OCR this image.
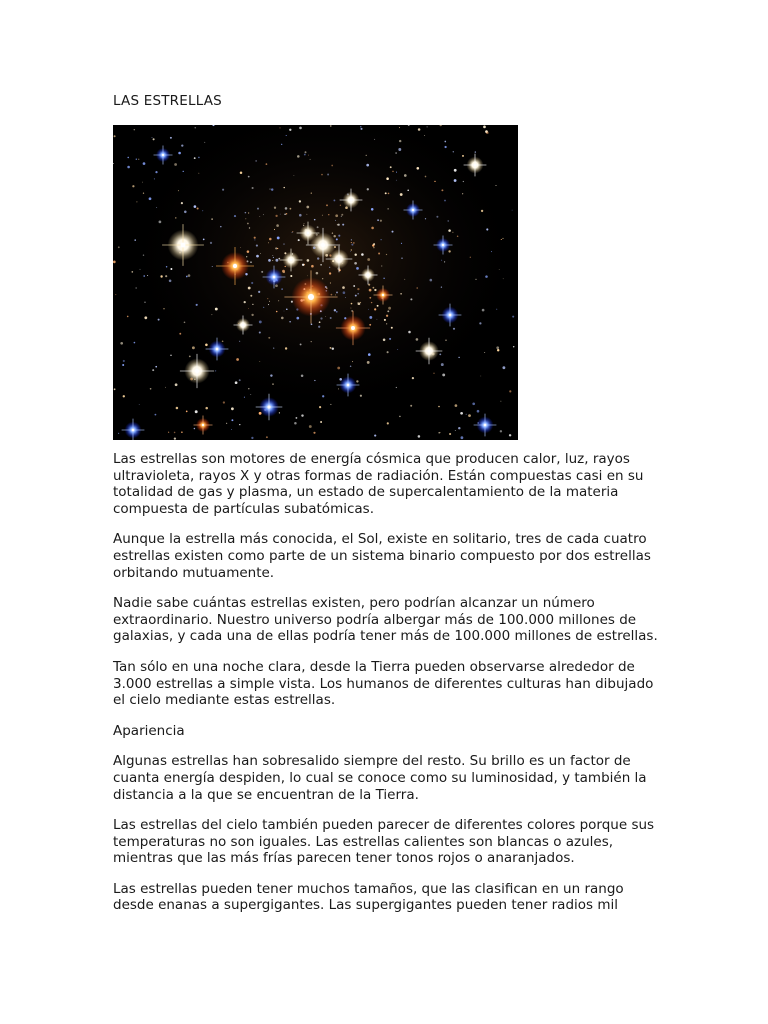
LAS ESTRELLAS

Las estrellas son motores de energía cósmica que producen calor, luz, rayos ultravioleta, rayos X y otras formas de radiación. Están compuestas casi en su totalidad de gas y plasma, un estado de supercalentamiento de la materia compuesta de partículas subatómicas.

Aunque la estrella más conocida, el Sol, existe en solitario, tres de cada cuatro estrellas existen como parte de un sistema binario compuesto por dos estrellas orbitando mutuamente.

Nadie sabe cuántas estrellas existen, pero podrían alcanzar un número extraordinario. Nuestro universo podría albergar más de 100.000 millones de galaxias, y cada una de ellas podría tener más de 100.000 millones de estrellas.

Tan sólo en una noche clara, desde la Tierra pueden observarse alrededor de 3.000 estrellas a simple vista. Los humanos de diferentes culturas han dibujado el cielo mediante estas estrellas.

Apariencia

Algunas estrellas han sobresalido siempre del resto. Su brillo es un factor de cuanta energía despiden, lo cual se conoce como su luminosidad, y también la distancia a la que se encuentran de la Tierra.

Las estrellas del cielo también pueden parecer de diferentes colores porque sus temperaturas no son iguales. Las estrellas calientes son blancas o azules, mientras que las más frías parecen tener tonos rojos o anaranjados.

Las estrellas pueden tener muchos tamaños, que las clasifican en un rango desde enanas a supergigantes. Las supergigantes pueden tener radios mil
